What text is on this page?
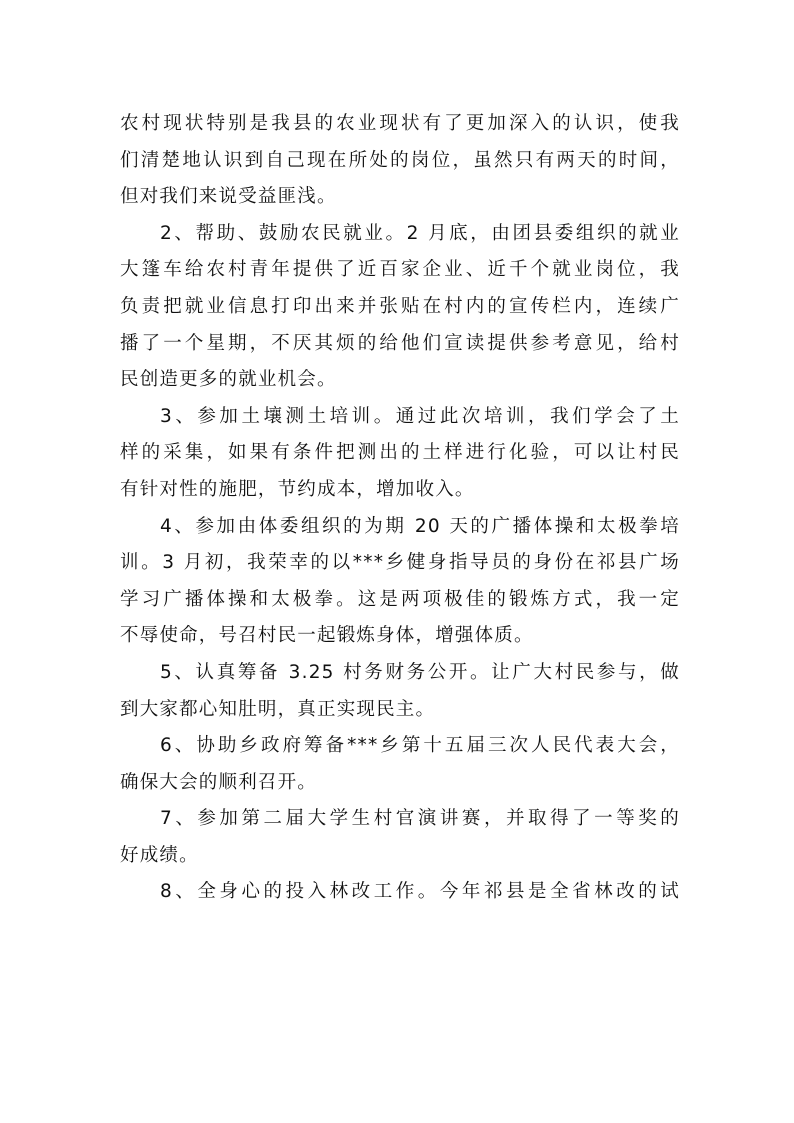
农村现状特别是我县的农业现状有了更加深入的认识，使我
们清楚地认识到自己现在所处的岗位，虽然只有两天的时间，
但对我们来说受益匪浅。
2、帮助、鼓励农民就业。2 月底，由团县委组织的就业
大篷车给农村青年提供了近百家企业、近千个就业岗位，我
负责把就业信息打印出来并张贴在村内的宣传栏内，连续广
播了一个星期，不厌其烦的给他们宣读提供参考意见，给村
民创造更多的就业机会。
3、参加土壤测土培训。通过此次培训，我们学会了土
样的采集，如果有条件把测出的土样进行化验，可以让村民
有针对性的施肥，节约成本，增加收入。
4、参加由体委组织的为期 20 天的广播体操和太极拳培
训。3 月初，我荣幸的以***乡健身指导员的身份在祁县广场
学习广播体操和太极拳。这是两项极佳的锻炼方式，我一定
不辱使命，号召村民一起锻炼身体，增强体质。
5、认真筹备 3.25 村务财务公开。让广大村民参与，做
到大家都心知肚明，真正实现民主。
6、协助乡政府筹备***乡第十五届三次人民代表大会，
确保大会的顺利召开。
7、参加第二届大学生村官演讲赛，并取得了一等奖的
好成绩。
8、全身心的投入林改工作。今年祁县是全省林改的试
